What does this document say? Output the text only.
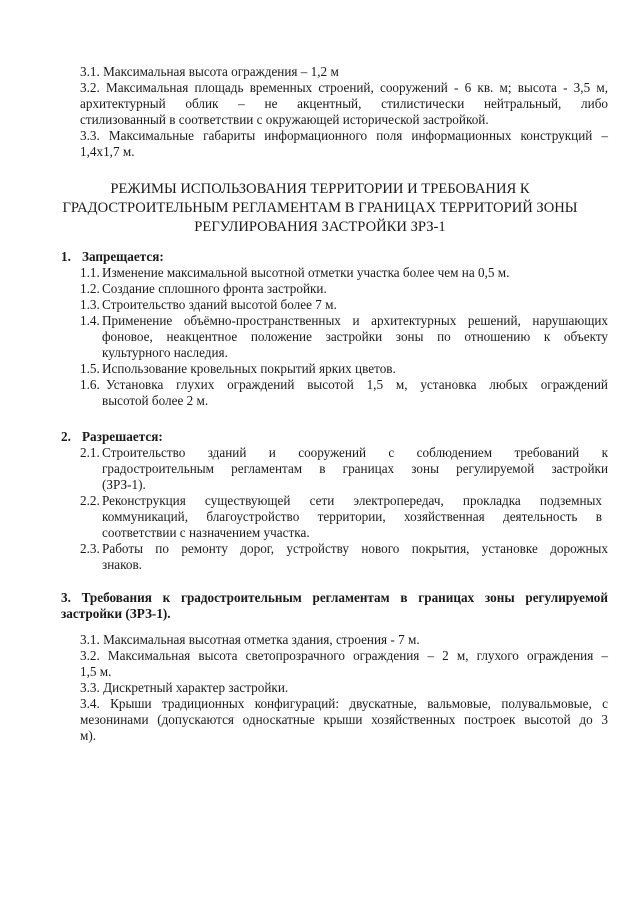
3.1. Максимальная высота ограждения – 1,2 м
3.2. Максимальная площадь временных строений, сооружений - 6 кв. м; высота - 3,5 м,
архитектурный облик – не акцентный, стилистически нейтральный, либо
стилизованный в соответствии с окружающей исторической застройкой.
3.3. Максимальные габариты информационного поля информационных конструкций –
1,4х1,7 м.
РЕЖИМЫ ИСПОЛЬЗОВАНИЯ ТЕРРИТОРИИ И ТРЕБОВАНИЯ К
ГРАДОСТРОИТЕЛЬНЫМ РЕГЛАМЕНТАМ В ГРАНИЦАХ ТЕРРИТОРИЙ ЗОНЫ
РЕГУЛИРОВАНИЯ ЗАСТРОЙКИ ЗРЗ-1
1. Запрещается:
1.1. Изменение максимальной высотной отметки участка более чем на 0,5 м.
1.2. Создание сплошного фронта застройки.
1.3. Строительство зданий высотой более 7 м.
1.4. Применение объёмно-пространственных и архитектурных решений, нарушающих
фоновое, неакцентное положение застройки зоны по отношению к объекту
культурного наследия.
1.5. Использование кровельных покрытий ярких цветов.
1.6. Установка глухих ограждений высотой 1,5 м, установка любых ограждений
высотой более 2 м.
2. Разрешается:
2.1. Строительство зданий и сооружений с соблюдением требований к
градостроительным регламентам в границах зоны регулируемой застройки
(ЗРЗ-1).
2.2. Реконструкция существующей сети электропередач, прокладка подземных
коммуникаций, благоустройство территории, хозяйственная деятельность в
соответствии с назначением участка.
2.3. Работы по ремонту дорог, устройству нового покрытия, установке дорожных
знаков.
3. Требования к градостроительным регламентам в границах зоны регулируемой
застройки (ЗРЗ-1).
3.1. Максимальная высотная отметка здания, строения - 7 м.
3.2. Максимальная высота светопрозрачного ограждения – 2 м, глухого ограждения –
1,5 м.
3.3. Дискретный характер застройки.
3.4. Крыши традиционных конфигураций: двускатные, вальмовые, полувальмовые, с
мезонинами (допускаются односкатные крыши хозяйственных построек высотой до 3
м).
